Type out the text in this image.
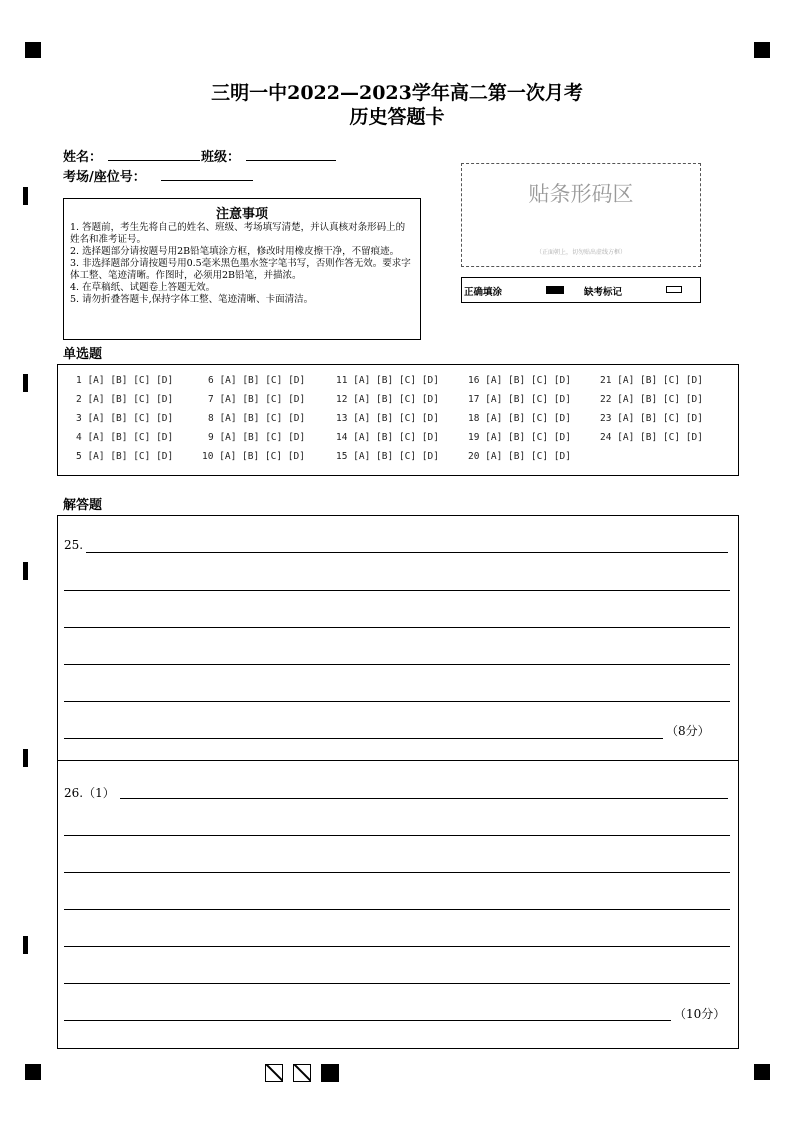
三明一中2022—2023学年高二第一次月考
历史答题卡
姓名：	班级：
考场/座位号：
注意事项
1. 答题前，考生先将自己的姓名、班级、考场填写清楚，并认真核对条形码上的姓名和准考证号。
2. 选择题部分请按题号用2B铅笔填涂方框，修改时用橡皮擦干净，不留痕迹。
3. 非选择题部分请按题号用0.5毫米黑色墨水签字笔书写，否则作答无效。要求字体工整、笔迹清晰。作图时，必须用2B铅笔，并描浓。
4. 在草稿纸、试题卷上答题无效。
5. 请勿折叠答题卡,保持字体工整、笔迹清晰、卡面清洁。
贴条形码区
（正面朝上，切勿贴出虚线方框）
正确填涂	缺考标记
单选题
1 [A] [B] [C] [D]
2 [A] [B] [C] [D]
3 [A] [B] [C] [D]
4 [A] [B] [C] [D]
5 [A] [B] [C] [D]
6 [A] [B] [C] [D]
7 [A] [B] [C] [D]
8 [A] [B] [C] [D]
9 [A] [B] [C] [D]
10 [A] [B] [C] [D]
11 [A] [B] [C] [D]
12 [A] [B] [C] [D]
13 [A] [B] [C] [D]
14 [A] [B] [C] [D]
15 [A] [B] [C] [D]
16 [A] [B] [C] [D]
17 [A] [B] [C] [D]
18 [A] [B] [C] [D]
19 [A] [B] [C] [D]
20 [A] [B] [C] [D]
21 [A] [B] [C] [D]
22 [A] [B] [C] [D]
23 [A] [B] [C] [D]
24 [A] [B] [C] [D]
解答题
25.
（8分）
26.（1）
（10分）
